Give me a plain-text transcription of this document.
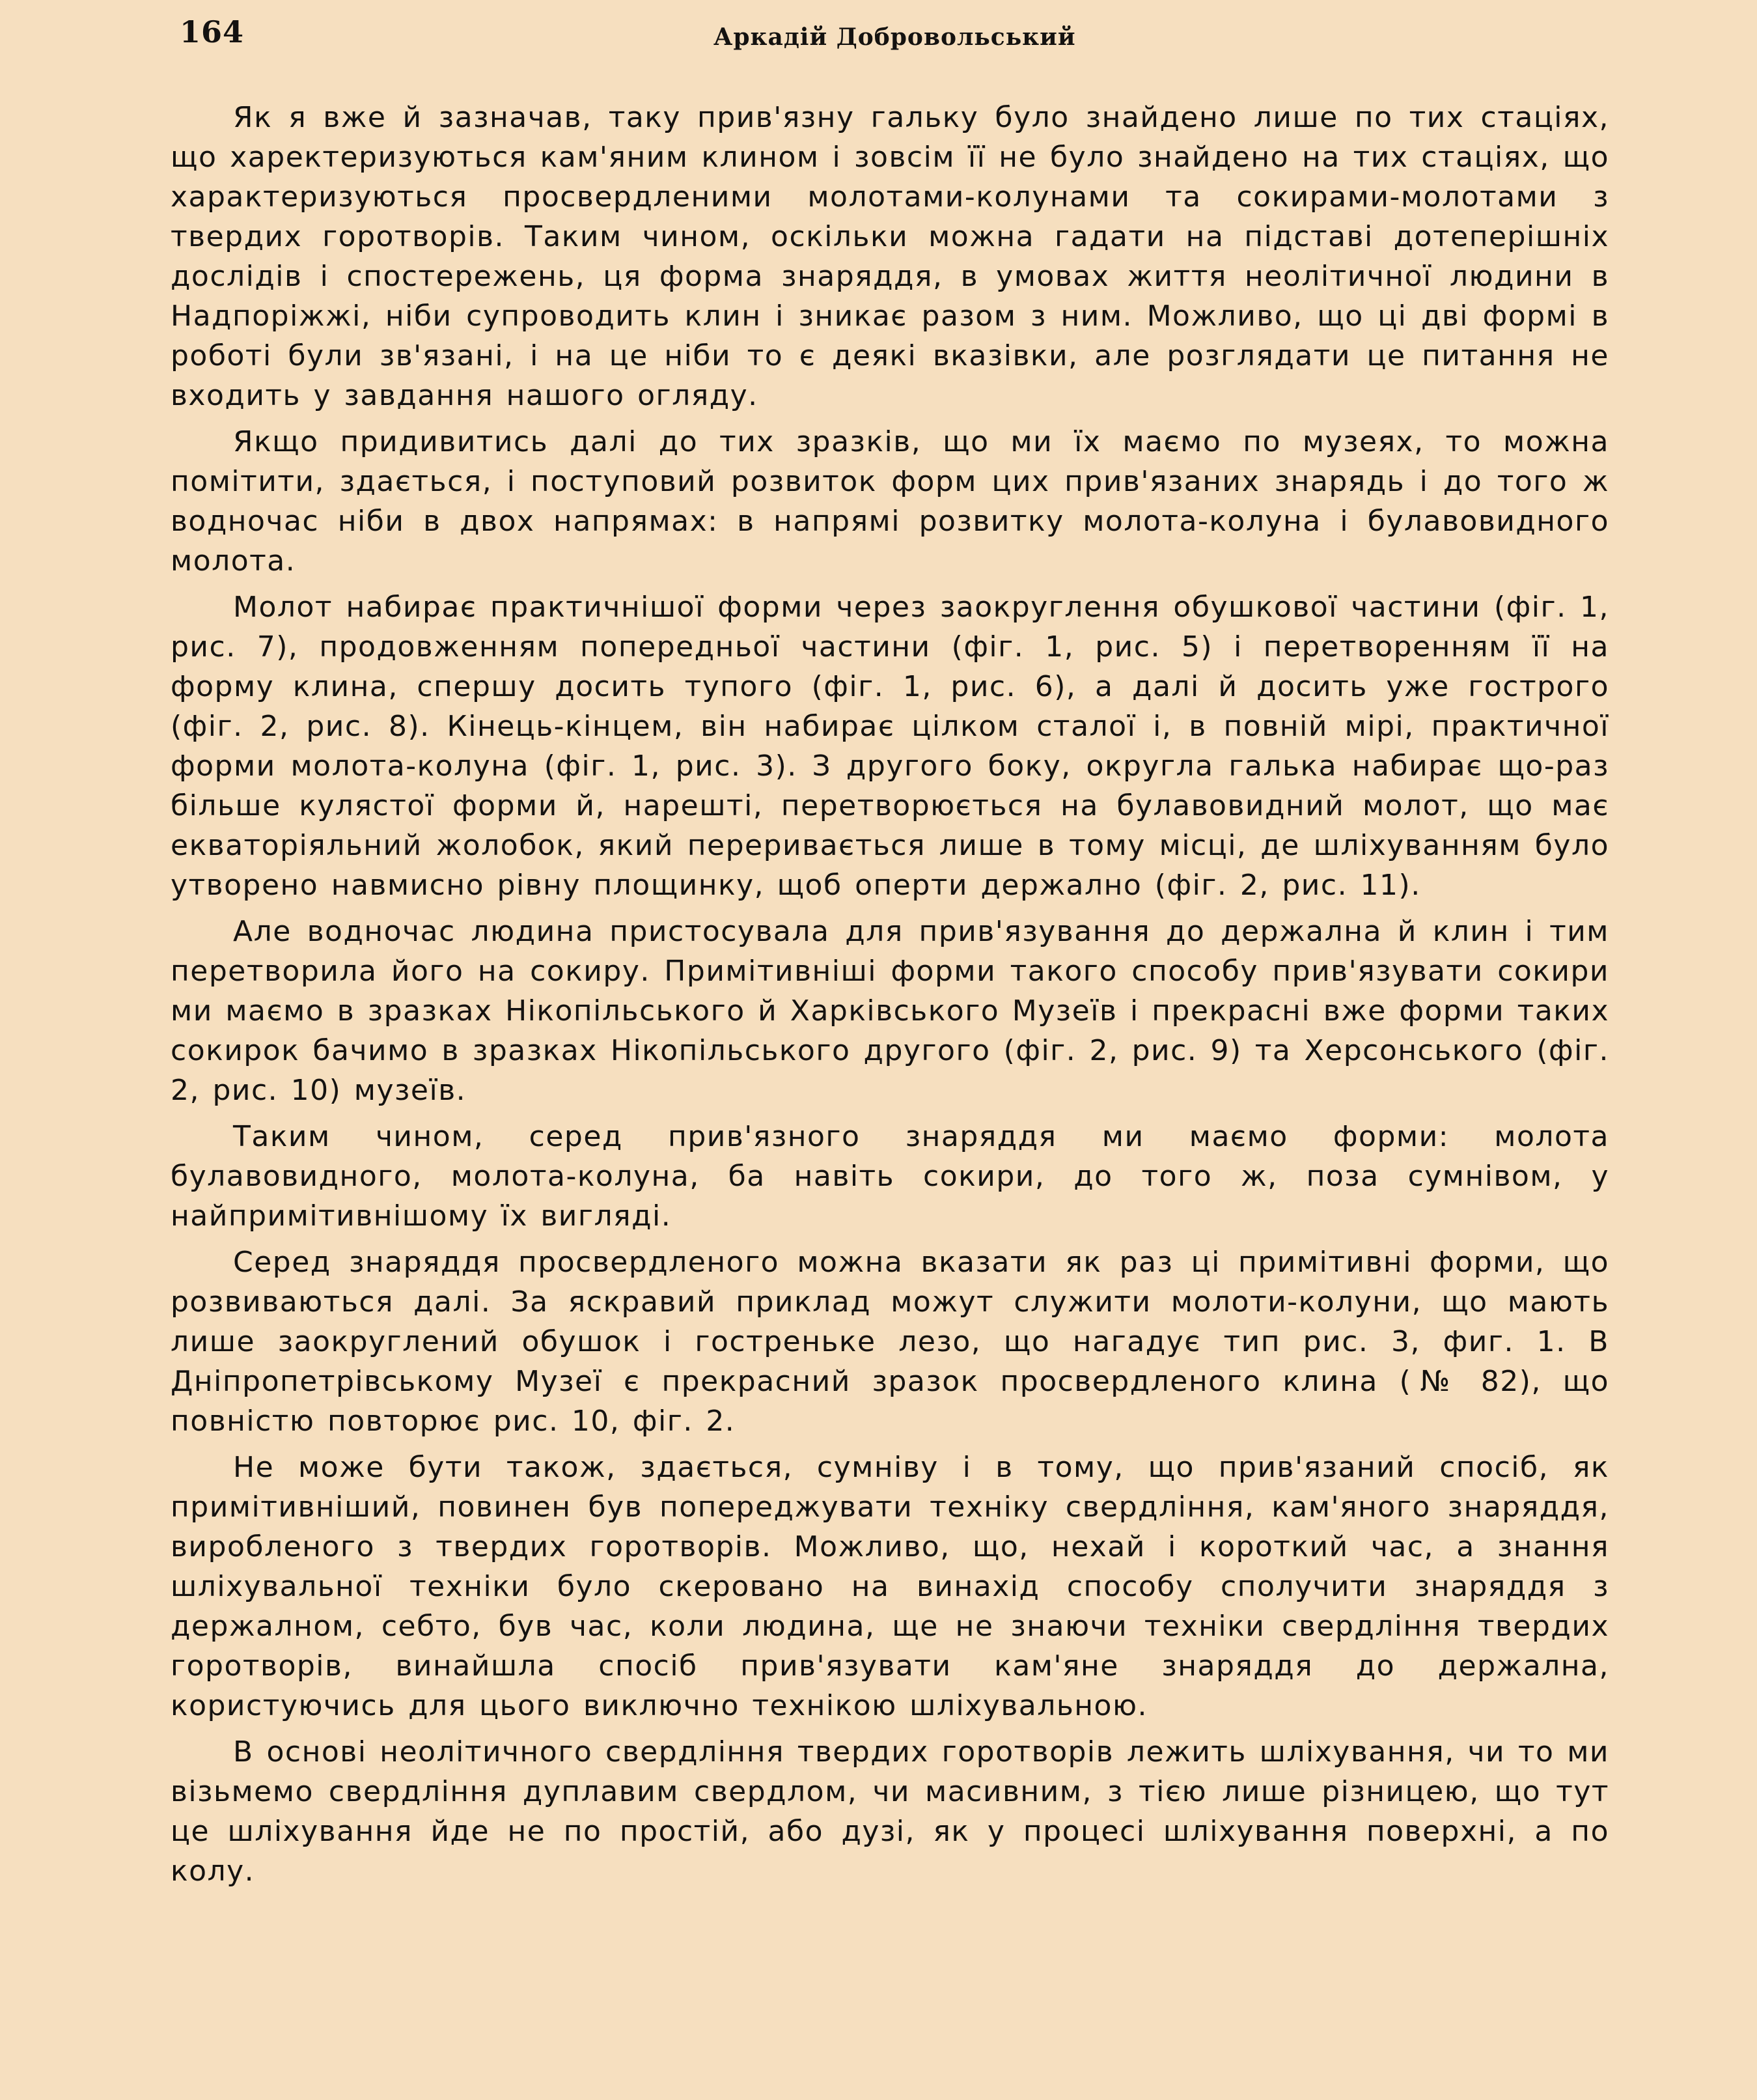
164	Аркадій Добровольський

Як я вже й зазначав, таку прив'язну гальку було знайдено лише по тих стаціях, що харектеризуються кам'яним клином і зовсім її не було знайдено на тих стаціях, що характеризуються просвердленими молотами-колунами та сокирами-молотами з твердих горотворів. Таким чином, оскільки можна гадати на підставі дотеперішніх дослідів і спостережень, ця форма знаряддя, в умовах життя неолітичної людини в Надпоріжжі, ніби супроводить клин і зникає разом з ним. Можливо, що ці дві формі в роботі були зв'язані, і на це ніби то є деякі вказівки, але розглядати це питання не входить у завдання нашого огляду.

Якщо придивитись далі до тих зразків, що ми їх маємо по музеях, то можна помітити, здається, і поступовий розвиток форм цих прив'язаних знарядь і до того ж водночас ніби в двох напрямах: в напрямі розвитку молота-колуна і булавовидного молота.

Молот набирає практичнішої форми через заокруглення обушкової частини (фіг. 1, рис. 7), продовженням попередньої частини (фіг. 1, рис. 5) і перетворенням її на форму клина, спершу досить тупого (фіг. 1, рис. 6), а далі й досить уже гострого (фіг. 2, рис. 8). Кінець-кінцем, він набирає цілком сталої і, в повній мірі, практичної форми молота-колуна (фіг. 1, рис. 3). З другого боку, округла галька набирає що-раз більше кулястої форми й, нарешті, перетворюється на булавовидний молот, що має екваторіяльний жолобок, який переривається лише в тому місці, де шліхуванням було утворено навмисно рівну площинку, щоб оперти держално (фіг. 2, рис. 11).

Але водночас людина пристосувала для прив'язування до держална й клин і тим перетворила його на сокиру. Примітивніші форми такого способу прив'язувати сокири ми маємо в зразках Нікопільського й Харківського Музеїв і прекрасні вже форми таких сокирок бачимо в зразках Нікопільського другого (фіг. 2, рис. 9) та Херсонського (фіг. 2, рис. 10) музеїв.

Таким чином, серед прив'язного знаряддя ми маємо форми: молота булавовидного, молота-колуна, ба навіть сокири, до того ж, поза сумнівом, у найпримітивнішому їх вигляді.

Серед знаряддя просвердленого можна вказати як раз ці примітивні форми, що розвиваються далі. За яскравий приклад можут служити молоти-колуни, що мають лише заокруглений обушок і гостреньке лезо, що нагадує тип рис. 3, фиг. 1. В Дніпропетрівському Музеї є прекрасний зразок просвердленого клина (№ 82), що повністю повторює рис. 10, фіг. 2.

Не може бути також, здається, сумніву і в тому, що прив'язаний спосіб, як примітивніший, повинен був попереджувати техніку свердління, кам'яного знаряддя, виробленого з твердих горотворів. Можливо, що, нехай і короткий час, а знання шліхувальної техніки було скеровано на винахід способу сполучити знаряддя з держалном, себто, був час, коли людина, ще не знаючи техніки свердління твердих горотворів, винайшла спосіб прив'язувати кам'яне знаряддя до держална, користуючись для цього виключно технікою шліхувальною.

В основі неолітичного свердління твердих горотворів лежить шліхування, чи то ми візьмемо свердління дуплавим свердлом, чи масивним, з тією лише різницею, що тут це шліхування йде не по простій, або дузі, як у процесі шліхування поверхні, а по колу.
